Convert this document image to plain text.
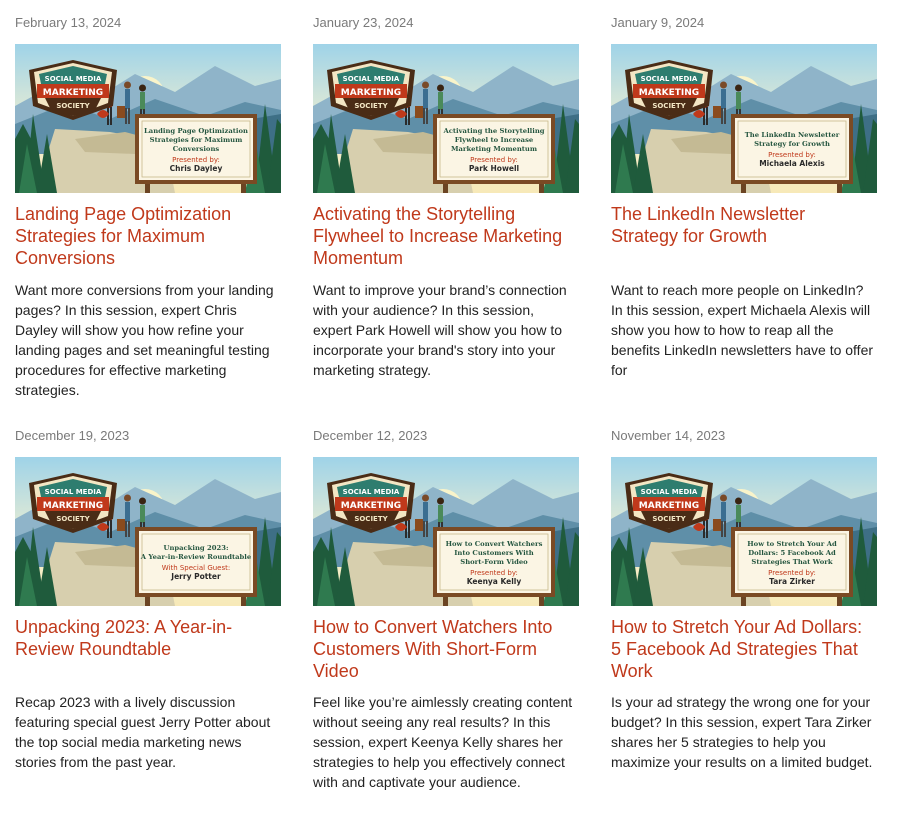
February 13, 2024
SOCIAL MEDIA
MARKETING
SOCIETY
Landing Page Optimization
Strategies for Maximum
Conversions
Presented by:
Chris Dayley
Landing Page Optimization Strategies for Maximum Conversions

Want more conversions from your landing pages? In this session, expert Chris Dayley will show you how refine your landing pages and set meaningful testing procedures for effective marketing strategies.

January 23, 2024
SOCIAL MEDIA
MARKETING
SOCIETY
Activating the Storytelling
Flywheel to Increase
Marketing Momentum
Presented by:
Park Howell
Activating the Storytelling Flywheel to Increase Marketing Momentum

Want to improve your brand’s connection with your audience? In this session, expert Park Howell will show you how to incorporate your brand's story into your marketing strategy.

January 9, 2024
SOCIAL MEDIA
MARKETING
SOCIETY
The LinkedIn Newsletter
Strategy for Growth
Presented by:
Michaela Alexis
The LinkedIn Newsletter Strategy for Growth

Want to reach more people on LinkedIn? In this session, expert Michaela Alexis will show you how to how to reap all the benefits LinkedIn newsletters have to offer for

December 19, 2023
SOCIAL MEDIA
MARKETING
SOCIETY
Unpacking 2023:
A Year-in-Review Roundtable
With Special Guest:
Jerry Potter
Unpacking 2023: A Year-in-Review Roundtable

Recap 2023 with a lively discussion featuring special guest Jerry Potter about the top social media marketing news stories from the past year.

December 12, 2023
SOCIAL MEDIA
MARKETING
SOCIETY
How to Convert Watchers
Into Customers With
Short-Form Video
Presented by:
Keenya Kelly
How to Convert Watchers Into Customers With Short-Form Video

Feel like you’re aimlessly creating content without seeing any real results? In this session, expert Keenya Kelly shares her strategies to help you effectively connect with and captivate your audience.

November 14, 2023
SOCIAL MEDIA
MARKETING
SOCIETY
How to Stretch Your Ad
Dollars: 5 Facebook Ad
Strategies That Work
Presented by:
Tara Zirker
How to Stretch Your Ad Dollars: 5 Facebook Ad Strategies That Work

Is your ad strategy the wrong one for your budget? In this session, expert Tara Zirker shares her 5 strategies to help you maximize your results on a limited budget.
